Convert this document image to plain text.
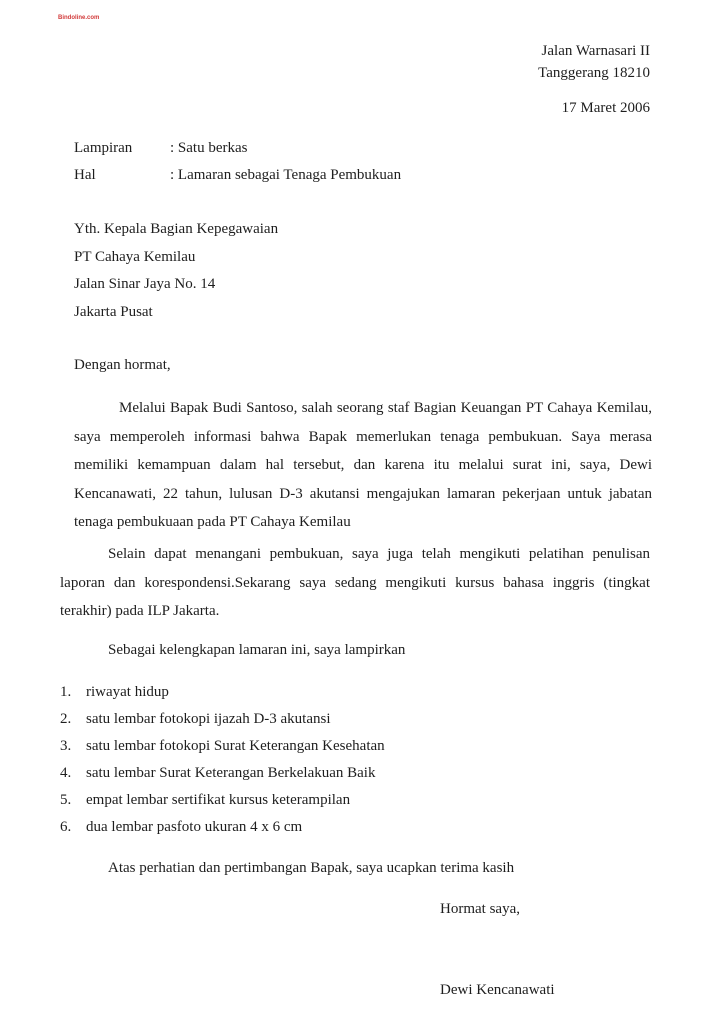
Bindoline.com
Jalan Warnasari II
Tanggerang 18210
17 Maret 2006
Lampiran	: Satu berkas
Hal	: Lamaran sebagai Tenaga Pembukuan
Yth. Kepala Bagian Kepegawaian
PT Cahaya Kemilau
Jalan Sinar Jaya No. 14
Jakarta Pusat
Dengan hormat,
Melalui Bapak Budi Santoso, salah seorang staf Bagian Keuangan PT Cahaya Kemilau, saya memperoleh informasi bahwa Bapak memerlukan tenaga pembukuan. Saya merasa memiliki kemampuan dalam hal tersebut, dan karena itu melalui surat ini, saya, Dewi Kencanawati, 22 tahun, lulusan D-3 akutansi mengajukan lamaran pekerjaan untuk jabatan tenaga pembukuaan pada PT Cahaya Kemilau
Selain dapat menangani pembukuan, saya juga telah mengikuti pelatihan penulisan laporan dan korespondensi.Sekarang saya sedang mengikuti kursus bahasa inggris (tingkat terakhir) pada ILP Jakarta.
Sebagai kelengkapan lamaran ini, saya lampirkan
1. riwayat hidup
2. satu lembar fotokopi ijazah D-3 akutansi
3. satu lembar fotokopi Surat Keterangan Kesehatan
4. satu lembar Surat Keterangan Berkelakuan Baik
5. empat lembar sertifikat kursus keterampilan
6. dua lembar pasfoto ukuran 4 x 6 cm
Atas perhatian dan pertimbangan Bapak, saya ucapkan terima kasih
Hormat saya,
Dewi Kencanawati
